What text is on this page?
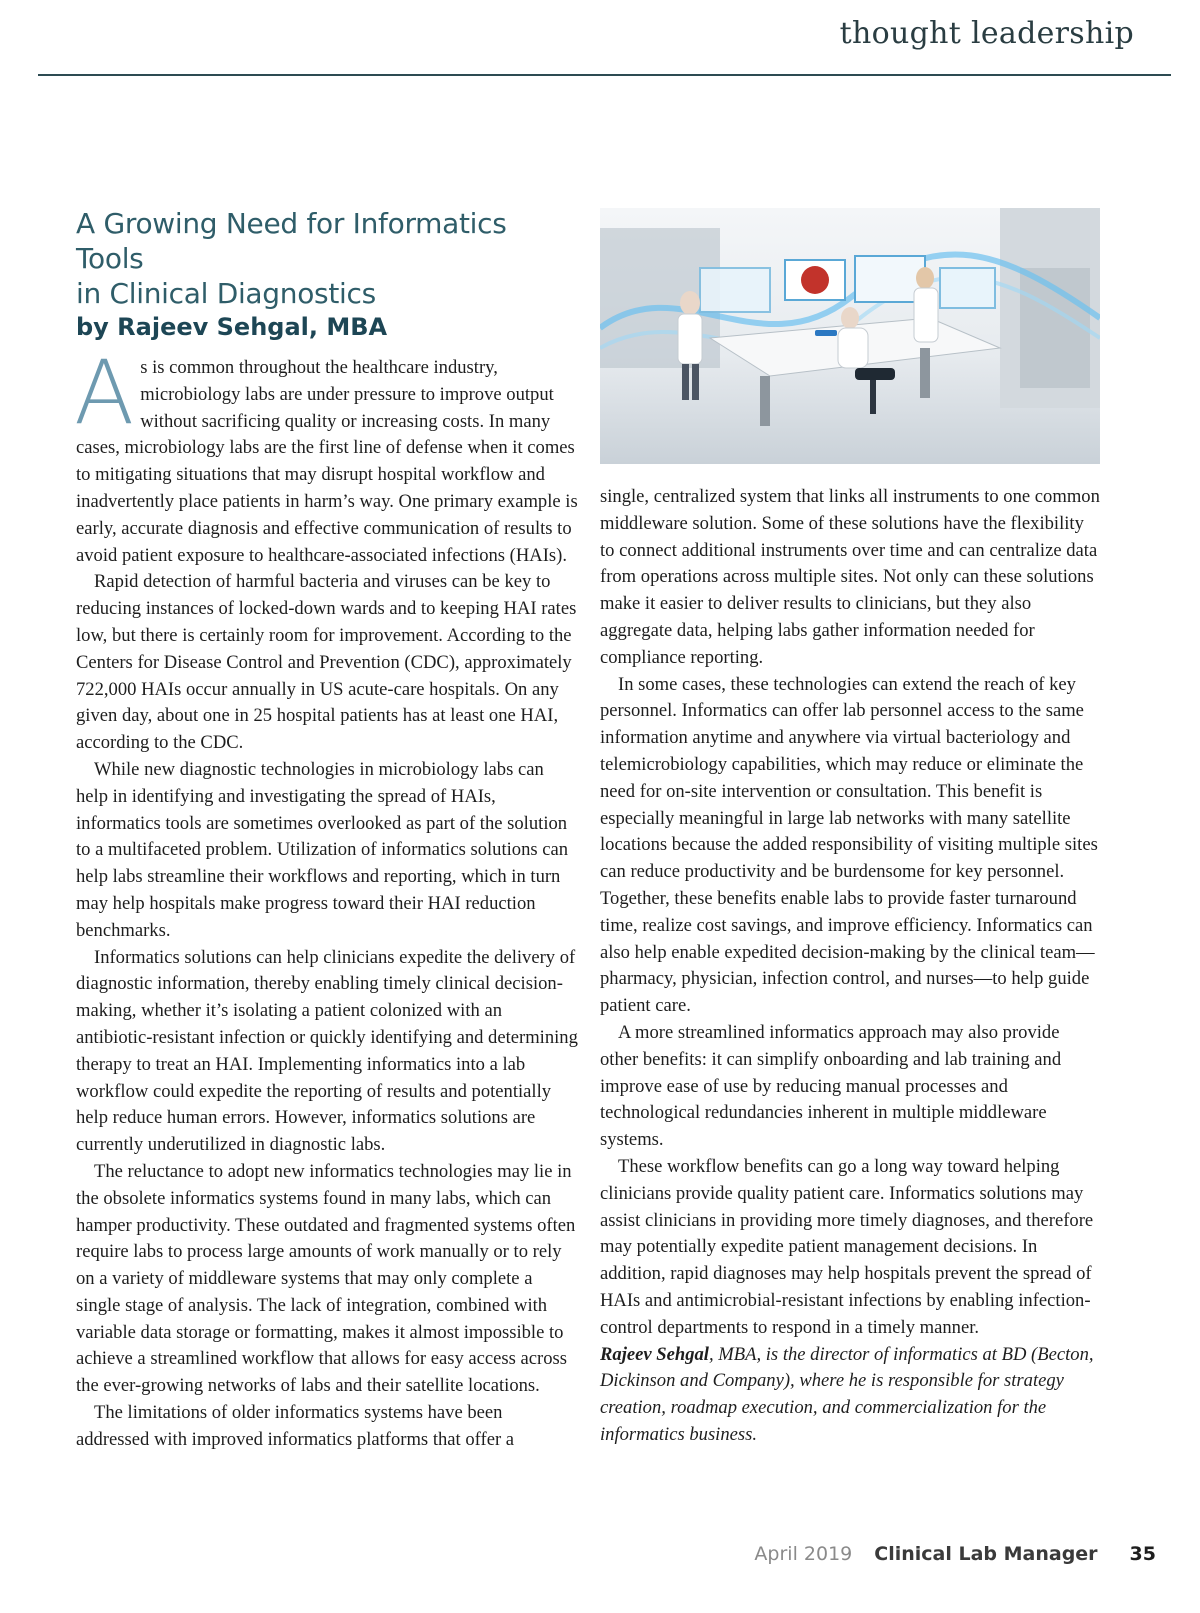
thought leadership
A Growing Need for Informatics Tools
in Clinical Diagnostics
by Rajeev Sehgal, MBA

As is common throughout the healthcare industry, microbiology labs are under pressure to improve output without sacrificing quality or increasing costs. In many cases, microbiology labs are the first line of defense when it comes to mitigating situations that may disrupt hospital workflow and inadvertently place patients in harm’s way. One primary example is early, accurate diagnosis and effective communication of results to avoid patient exposure to healthcare-associated infections (HAIs).

Rapid detection of harmful bacteria and viruses can be key to reducing instances of locked-down wards and to keeping HAI rates low, but there is certainly room for improvement. According to the Centers for Disease Control and Prevention (CDC), approximately 722,000 HAIs occur annually in US acute-care hospitals. On any given day, about one in 25 hospital patients has at least one HAI, according to the CDC.

While new diagnostic technologies in microbiology labs can help in identifying and investigating the spread of HAIs, informatics tools are sometimes overlooked as part of the solution to a multifaceted problem. Utilization of informatics solutions can help labs streamline their workflows and reporting, which in turn may help hospitals make progress toward their HAI reduction benchmarks.

Informatics solutions can help clinicians expedite the delivery of diagnostic information, thereby enabling timely clinical decision-making, whether it’s isolating a patient colonized with an antibiotic-resistant infection or quickly identifying and determining therapy to treat an HAI. Implementing informatics into a lab workflow could expedite the reporting of results and potentially help reduce human errors. However, informatics solutions are currently underutilized in diagnostic labs.

The reluctance to adopt new informatics technologies may lie in the obsolete informatics systems found in many labs, which can hamper productivity. These outdated and fragmented systems often require labs to process large amounts of work manually or to rely on a variety of middleware systems that may only complete a single stage of analysis. The lack of integration, combined with variable data storage or formatting, makes it almost impossible to achieve a streamlined workflow that allows for easy access across the ever-growing networks of labs and their satellite locations.

The limitations of older informatics systems have been addressed with improved informatics platforms that offer a

single, centralized system that links all instruments to one common middleware solution. Some of these solutions have the flexibility to connect additional instruments over time and can centralize data from operations across multiple sites. Not only can these solutions make it easier to deliver results to clinicians, but they also aggregate data, helping labs gather information needed for compliance reporting.

In some cases, these technologies can extend the reach of key personnel. Informatics can offer lab personnel access to the same information anytime and anywhere via virtual bacteriology and telemicrobiology capabilities, which may reduce or eliminate the need for on-site intervention or consultation. This benefit is especially meaningful in large lab networks with many satellite locations because the added responsibility of visiting multiple sites can reduce productivity and be burdensome for key personnel. Together, these benefits enable labs to provide faster turnaround time, realize cost savings, and improve efficiency. Informatics can also help enable expedited decision-making by the clinical team—pharmacy, physician, infection control, and nurses—to help guide patient care.

A more streamlined informatics approach may also provide other benefits: it can simplify onboarding and lab training and improve ease of use by reducing manual processes and technological redundancies inherent in multiple middleware systems.

These workflow benefits can go a long way toward helping clinicians provide quality patient care. Informatics solutions may assist clinicians in providing more timely diagnoses, and therefore may potentially expedite patient management decisions. In addition, rapid diagnoses may help hospitals prevent the spread of HAIs and antimicrobial-resistant infections by enabling infection-control departments to respond in a timely manner.

Rajeev Sehgal, MBA, is the director of informatics at BD (Becton, Dickinson and Company), where he is responsible for strategy creation, roadmap execution, and commercialization for the informatics business.

April 2019 Clinical Lab Manager 35
